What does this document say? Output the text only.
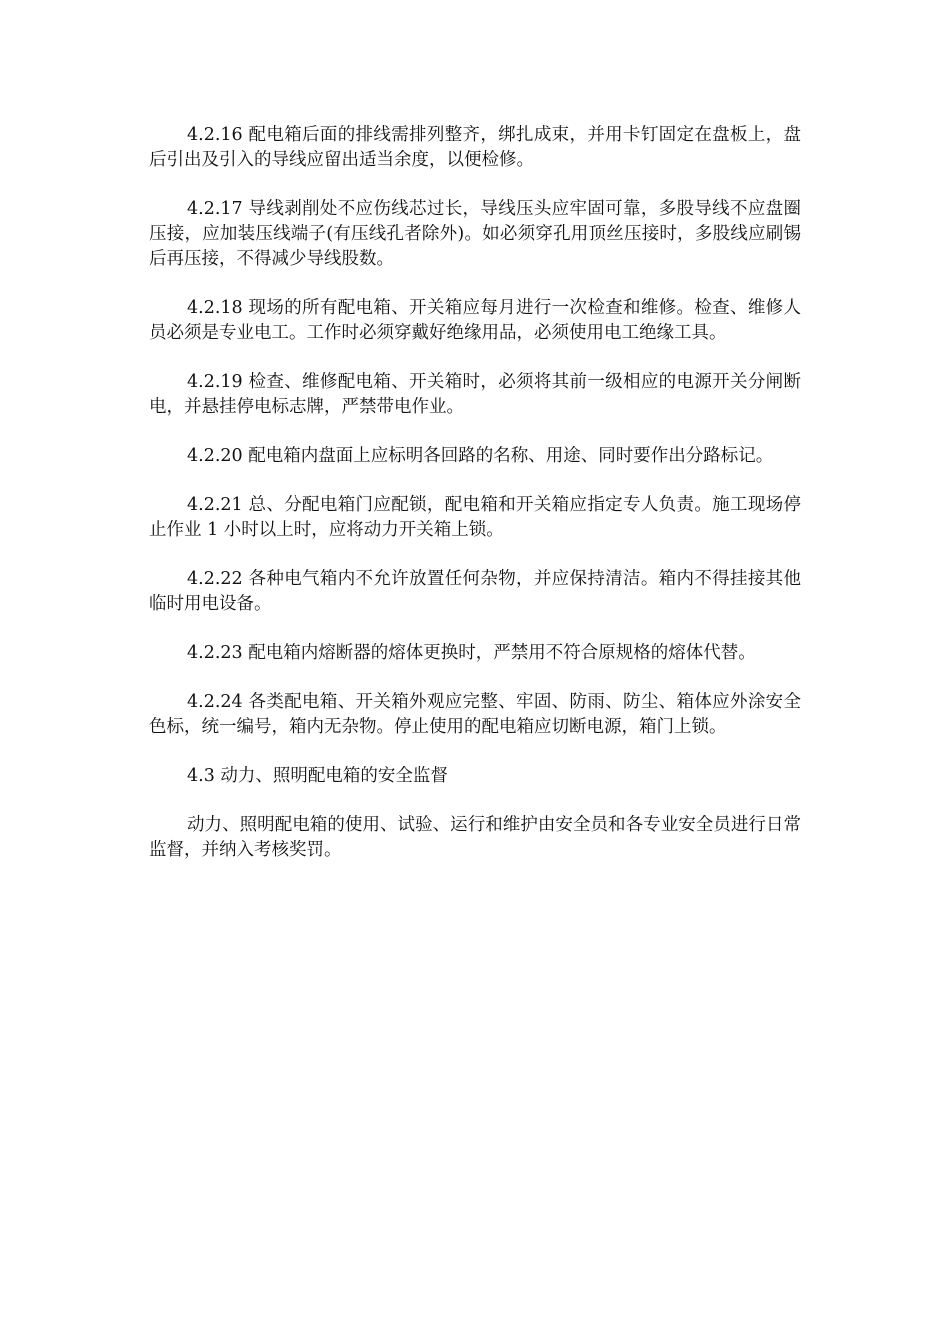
4.2.16 配电箱后面的排线需排列整齐，绑扎成束，并用卡钉固定在盘板上，盘后引出及引入的导线应留出适当余度，以便检修。

4.2.17 导线剥削处不应伤线芯过长，导线压头应牢固可靠，多股导线不应盘圈压接，应加装压线端子(有压线孔者除外)。如必须穿孔用顶丝压接时，多股线应刷锡后再压接，不得减少导线股数。

4.2.18 现场的所有配电箱、开关箱应每月进行一次检查和维修。检查、维修人员必须是专业电工。工作时必须穿戴好绝缘用品，必须使用电工绝缘工具。

4.2.19 检查、维修配电箱、开关箱时，必须将其前一级相应的电源开关分闸断电，并悬挂停电标志牌，严禁带电作业。

4.2.20 配电箱内盘面上应标明各回路的名称、用途、同时要作出分路标记。

4.2.21 总、分配电箱门应配锁，配电箱和开关箱应指定专人负责。施工现场停止作业 1 小时以上时，应将动力开关箱上锁。

4.2.22 各种电气箱内不允许放置任何杂物，并应保持清洁。箱内不得挂接其他临时用电设备。

4.2.23 配电箱内熔断器的熔体更换时，严禁用不符合原规格的熔体代替。

4.2.24 各类配电箱、开关箱外观应完整、牢固、防雨、防尘、箱体应外涂安全色标，统一编号，箱内无杂物。停止使用的配电箱应切断电源，箱门上锁。

4.3 动力、照明配电箱的安全监督

动力、照明配电箱的使用、试验、运行和维护由安全员和各专业安全员进行日常监督，并纳入考核奖罚。
